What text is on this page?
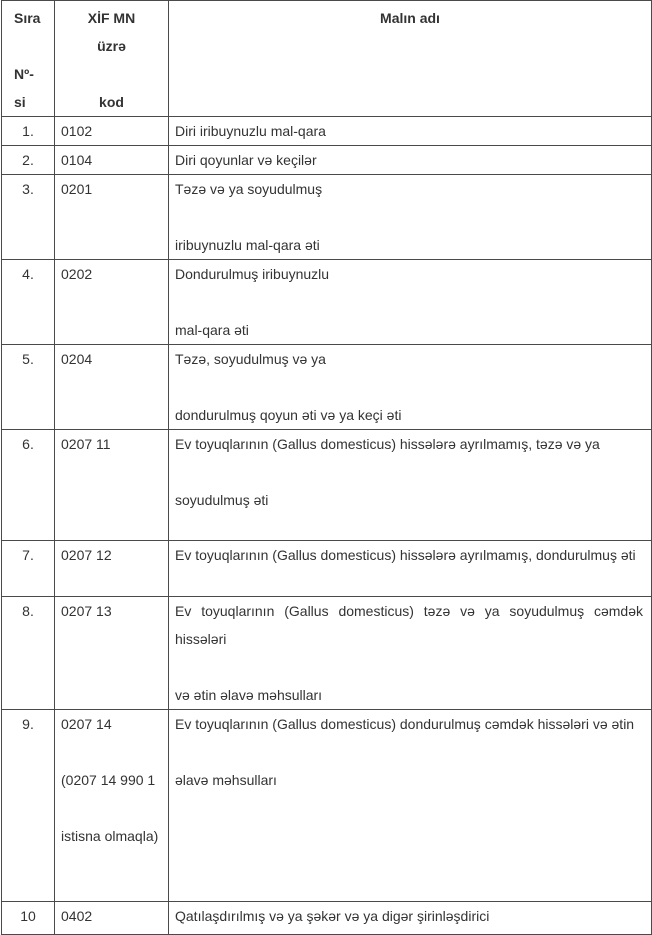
Sıra
Nº-
si	XİF MN
üzrə
kod	Malın adı

1.	0102	Diri iribuynuzlu mal-qara

2.	0104	Diri qoyunlar və keçilər

3.	0201	Təzə və ya soyudulmuş
iribuynuzlu mal-qara əti

4.	0202	Dondurulmuş iribuynuzlu
mal-qara əti

5.	0204	Təzə, soyudulmuş və ya
dondurulmuş qoyun əti və ya keçi əti

6.	0207 11	Ev toyuqlarının (Gallus domesticus) hissələrə ayrılmamış, təzə və ya
soyudulmuş əti

7.	0207 12	Ev toyuqlarının (Gallus domesticus) hissələrə ayrılmamış, dondurulmuş əti

8.	0207 13	Ev toyuqlarının (Gallus domesticus) təzə və ya soyudulmuş cəmdək hissələri
və ətin əlavə məhsulları

9.	0207 14
(0207 14 990 1
istisna olmaqla)	Ev toyuqlarının (Gallus domesticus) dondurulmuş cəmdək hissələri və ətin
əlavə məhsulları

10	0402	Qatılaşdırılmış və ya şəkər və ya digər şirinləşdirici
